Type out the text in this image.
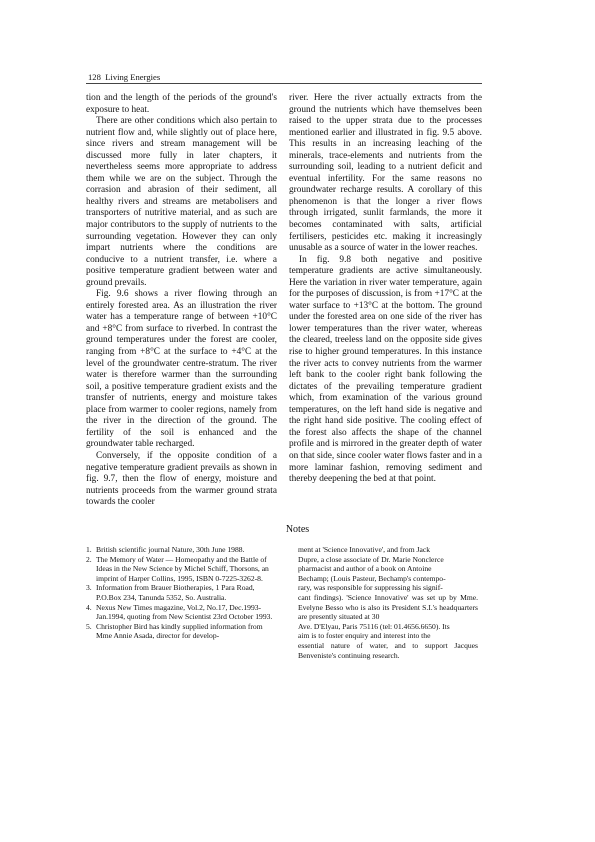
128 Living Energies

tion and the length of the periods of the ground's exposure to heat.

There are other conditions which also pertain to nutrient flow and, while slightly out of place here, since rivers and stream management will be discussed more fully in later chapters, it nevertheless seems more appropriate to address them while we are on the subject. Through the corrasion and abrasion of their sediment, all healthy rivers and streams are metabolisers and transporters of nutritive material, and as such are major contributors to the supply of nutrients to the surrounding vegetation. However they can only impart nutrients where the conditions are conducive to a nutrient transfer, i.e. where a positive temperature gradient between water and ground prevails.

Fig. 9.6 shows a river flowing through an entirely forested area. As an illustration the river water has a temperature range of between +10°C and +8°C from surface to riverbed. In contrast the ground temperatures under the forest are cooler, ranging from +8°C at the surface to +4°C at the level of the groundwater centre-stratum. The river water is therefore warmer than the surrounding soil, a positive temperature gradient exists and the transfer of nutrients, energy and moisture takes place from warmer to cooler regions, namely from the river in the direction of the ground. The fertility of the soil is enhanced and the groundwater table recharged.

Conversely, if the opposite condition of a negative temperature gradient prevails as shown in fig. 9.7, then the flow of energy, moisture and nutrients proceeds from the warmer ground strata towards the cooler

river. Here the river actually extracts from the ground the nutrients which have themselves been raised to the upper strata due to the processes mentioned earlier and illustrated in fig. 9.5 above. This results in an increasing leaching of the minerals, trace-elements and nutrients from the surrounding soil, leading to a nutrient deficit and eventual infertility. For the same reasons no groundwater recharge results. A corollary of this phenomenon is that the longer a river flows through irrigated, sunlit farmlands, the more it becomes contaminated with salts, artificial fertilisers, pesticides etc. making it increasingly unusable as a source of water in the lower reaches.

In fig. 9.8 both negative and positive temperature gradients are active simultaneously. Here the variation in river water temperature, again for the purposes of discussion, is from +17°C at the water surface to +13°C at the bottom. The ground under the forested area on one side of the river has lower temperatures than the river water, whereas the cleared, treeless land on the opposite side gives rise to higher ground temperatures. In this instance the river acts to convey nutrients from the warmer left bank to the cooler right bank following the dictates of the prevailing temperature gradient which, from examination of the various ground temperatures, on the left hand side is negative and the right hand side positive. The cooling effect of the forest also affects the shape of the channel profile and is mirrored in the greater depth of water on that side, since cooler water flows faster and in a more laminar fashion, removing sediment and thereby deepening the bed at that point.

Notes
1. British scientific journal Nature, 30th June 1988.
2. The Memory of Water — Homeopathy and the Battle of Ideas in the New Science by Michel Schiff, Thorsons, an imprint of Harper Collins, 1995, ISBN 0-7225-3262-8.
3. Information from Brauer Biotherapies, 1 Para Road, P.O.Box 234, Tanunda 5352, So. Australia.
4. Nexus New Times magazine, Vol.2, No.17, Dec.1993-Jan.1994, quoting from New Scientist 23rd October 1993.
5. Christopher Bird has kindly supplied information from Mme Annie Asada, director for develop-

ment at 'Science Innovative', and from Jack

Dupre, a close associate of Dr. Marie Nonclerce

pharmacist and author of a book on Antoine

Bechamp; (Louis Pasteur, Bechamp's contempo-

rary, was responsible for suppressing his signif-

cant findings). 'Science Innovative' was set up by Mme. Evelyne Besso who is also its President S.I.'s headquarters are presently situated at 30

Ave. D'Elyau, Paris 75116 (tel: 01.4656.6650). Its

aim is to foster enquiry and interest into the

essential nature of water, and to support Jacques Benveniste's continuing research.
